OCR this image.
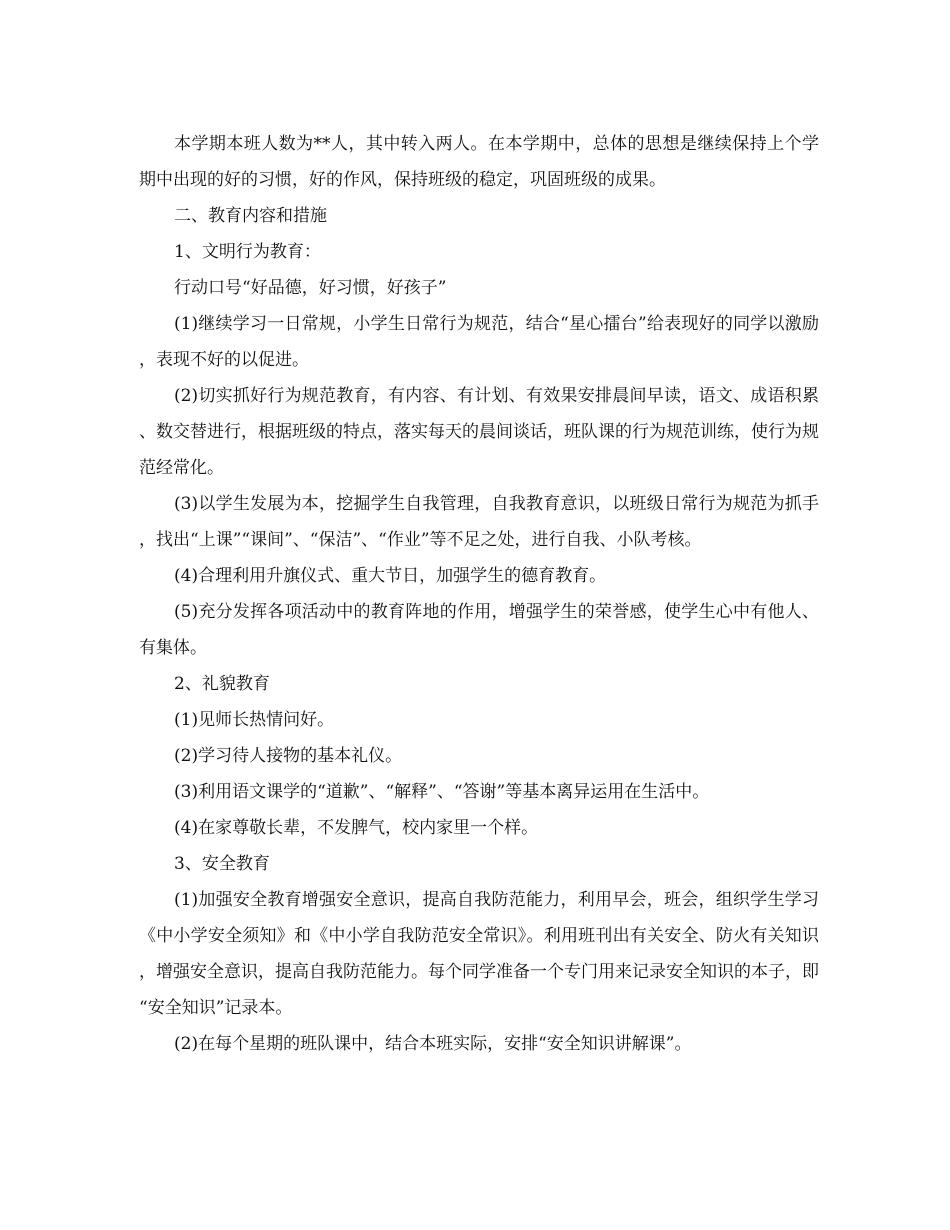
本学期本班人数为**人，其中转入两人。在本学期中，总体的思想是继续保持上个学期中出现的好的习惯，好的作风，保持班级的稳定，巩固班级的成果。

二、教育内容和措施

1、文明行为教育：

行动口号“好品德，好习惯，好孩子”

(1)继续学习一日常规，小学生日常行为规范，结合“星心擂台”给表现好的同学以激励，表现不好的以促进。

(2)切实抓好行为规范教育，有内容、有计划、有效果安排晨间早读，语文、成语积累、数交替进行，根据班级的特点，落实每天的晨间谈话，班队课的行为规范训练，使行为规范经常化。

(3)以学生发展为本，挖掘学生自我管理，自我教育意识，以班级日常行为规范为抓手，找出“上课”“课间”、“保洁”、“作业”等不足之处，进行自我、小队考核。

(4)合理利用升旗仪式、重大节日，加强学生的德育教育。

(5)充分发挥各项活动中的教育阵地的作用，增强学生的荣誉感，使学生心中有他人、有集体。

2、礼貌教育

(1)见师长热情问好。

(2)学习待人接物的基本礼仪。

(3)利用语文课学的“道歉”、“解释”、“答谢”等基本离异运用在生活中。

(4)在家尊敬长辈，不发脾气，校内家里一个样。

3、安全教育

(1)加强安全教育增强安全意识，提高自我防范能力，利用早会，班会，组织学生学习《中小学安全须知》和《中小学自我防范安全常识》。利用班刊出有关安全、防火有关知识，增强安全意识，提高自我防范能力。每个同学准备一个专门用来记录安全知识的本子，即“安全知识”记录本。

(2)在每个星期的班队课中，结合本班实际，安排“安全知识讲解课”。
